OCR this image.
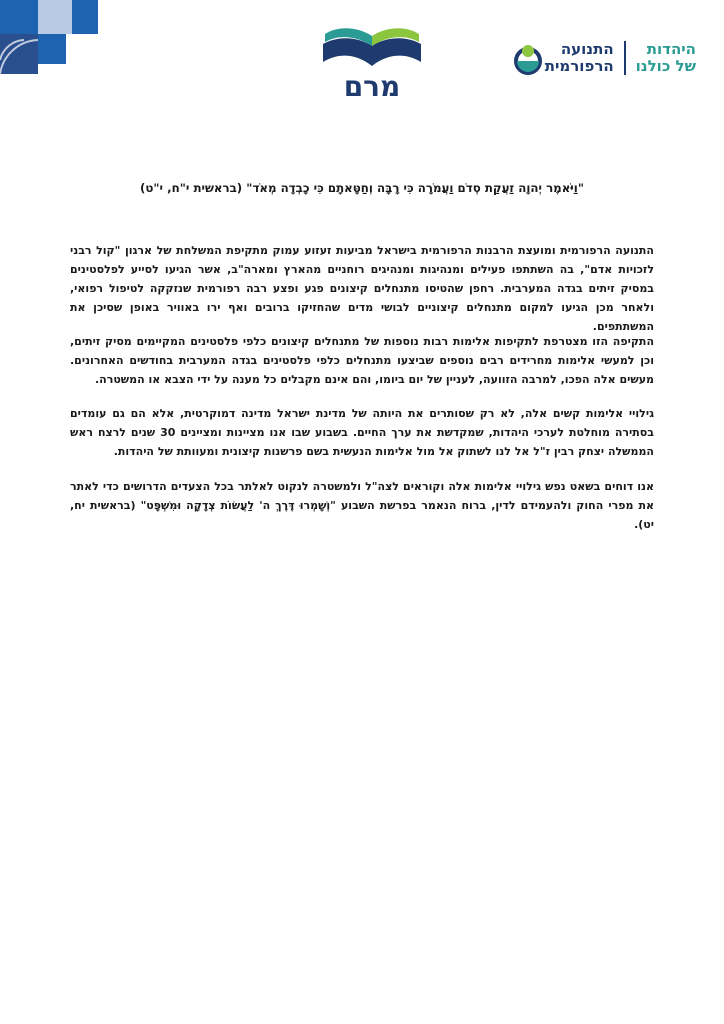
מרם
התנועה
הרפורמית
היהדות
של כולנו
"וַיֹּאמֶר יְהוָה זַעֲקַת סְדֹם וַעֲמֹרָה כִּי רָבָּה וְחַטָּאתָם כִּי כָבְדָה מְאֹד" (בראשית י"ח, י"ט)

התנועה הרפורמית ומועצת הרבנות הרפורמית בישראל מביעות זעזוע עמוק מתקיפת המשלחת של ארגון "קול רבני לזכויות אדם", בה השתתפו פעילים ומנהיגות ומנהיגים רוחניים מהארץ ומארה"ב, אשר הגיעו לסייע לפלסטינים במסיק זיתים בגדה המערבית. רחפן שהטיסו מתנחלים קיצונים פגע ופצע רבה רפורמית שנזקקה לטיפול רפואי, ולאחר מכן הגיעו למקום מתנחלים קיצוניים לבושי מדים שהחזיקו ברובים ואף ירו באוויר באופן שסיכן את המשתתפים.

התקיפה הזו מצטרפת לתקיפות אלימות רבות נוספות של מתנחלים קיצונים כלפי פלסטינים המקיימים מסיק זיתים, וכן למעשי אלימות מחרידים רבים נוספים שביצעו מתנחלים כלפי פלסטינים בגדה המערבית בחודשים האחרונים. מעשים אלה הפכו, למרבה הזוועה, לעניין של יום ביומו, והם אינם מקבלים כל מענה על ידי הצבא או המשטרה.

גילויי אלימות קשים אלה, לא רק שסותרים את היותה של מדינת ישראל מדינה דמוקרטית, אלא הם גם עומדים בסתירה מוחלטת לערכי היהדות, שמקדשת את ערך החיים. בשבוע שבו אנו מציינות ומציינים 30 שנים לרצח ראש הממשלה יצחק רבין ז"ל אל לנו לשתוק אל מול אלימות הנעשית בשם פרשנות קיצונית ומעוותת של היהדות.

אנו דוחים בשאט נפש גילויי אלימות אלה וקוראים לצה"ל ולמשטרה לנקוט לאלתר בכל הצעדים הדרושים כדי לאתר את מפרי החוק ולהעמידם לדין, ברוח הנאמר בפרשת השבוע "וְשָׁמְרוּ דֶּרֶךְ ה' לַעֲשׂוֹת צְדָקָה וּמִשְׁפָּט" (בראשית יח, יט).
